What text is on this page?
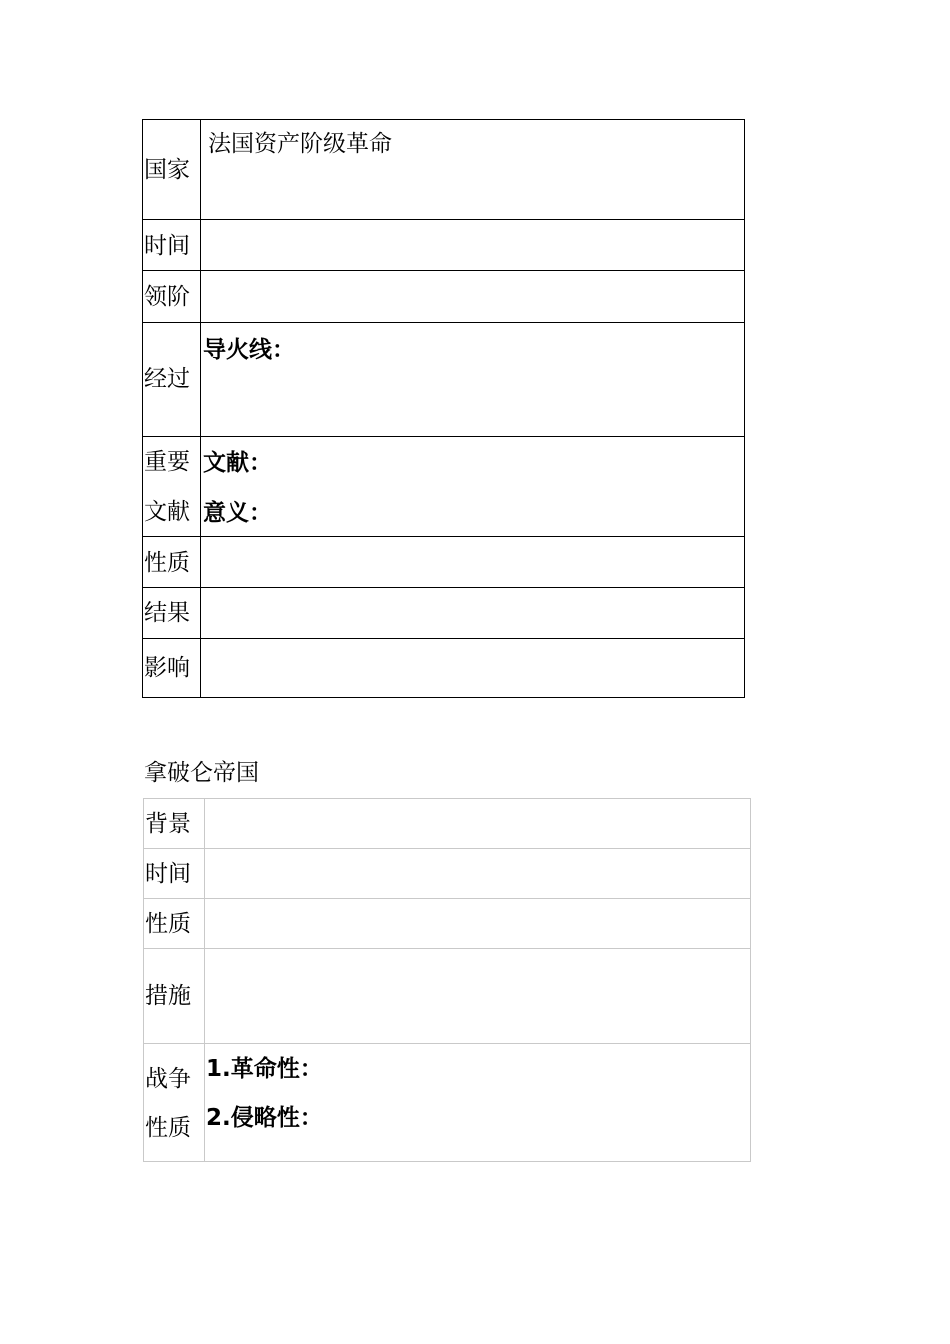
国家
时间
领阶
经过
重要
文献
性质
结果
影响
法国资产阶级革命
导火线：
文献：
意义：
拿破仑帝国
背景
时间
性质
措施
战争
性质
1.革命性：
2.侵略性：
